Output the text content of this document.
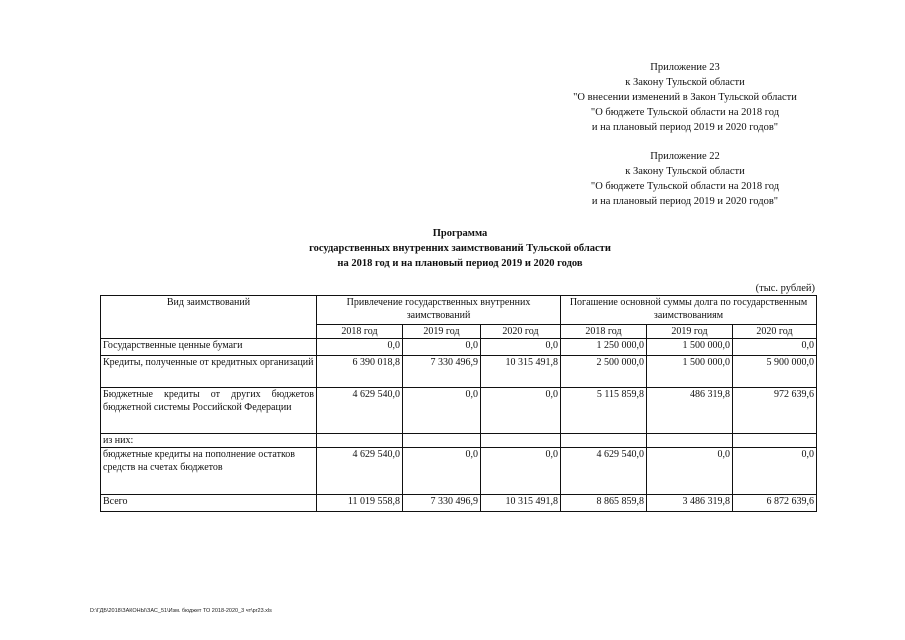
Приложение 23
к Закону Тульской области
"О внесении изменений в Закон Тульской области
"О бюджете Тульской области на 2018 год
и на плановый период 2019 и 2020 годов"
Приложение 22
к Закону Тульской области
"О бюджете Тульской области на 2018 год
и на плановый период 2019 и 2020 годов"
Программа
государственных внутренних заимствований Тульской области
на 2018 год и на плановый период 2019 и 2020 годов
(тыс. рублей)
Вид заимствований	Привлечение государственных внутренних заимствований			Погашение основной суммы долга по государственным заимствованиям		
	2018 год	2019 год	2020 год	2018 год	2019 год	2020 год
Государственные ценные бумаги	0,0	0,0	0,0	1 250 000,0	1 500 000,0	0,0
Кредиты, полученные от кредитных организаций	6 390 018,8	7 330 496,9	10 315 491,8	2 500 000,0	1 500 000,0	5 900 000,0
Бюджетные кредиты от других бюджетов бюджетной системы Российской Федерации	4 629 540,0	0,0	0,0	5 115 859,8	486 319,8	972 639,6
из них:						
бюджетные кредиты на пополнение остатков средств на счетах бюджетов	4 629 540,0	0,0	0,0	4 629 540,0	0,0	0,0
Всего	11 019 558,8	7 330 496,9	10 315 491,8	8 865 859,8	3 486 319,8	6 872 639,6
D:\ГДБ\2018\ЗАКОНЫ\ЗАС_51\Изм. бюджет ТО 2018-2020_3 чт\pr23.xls
